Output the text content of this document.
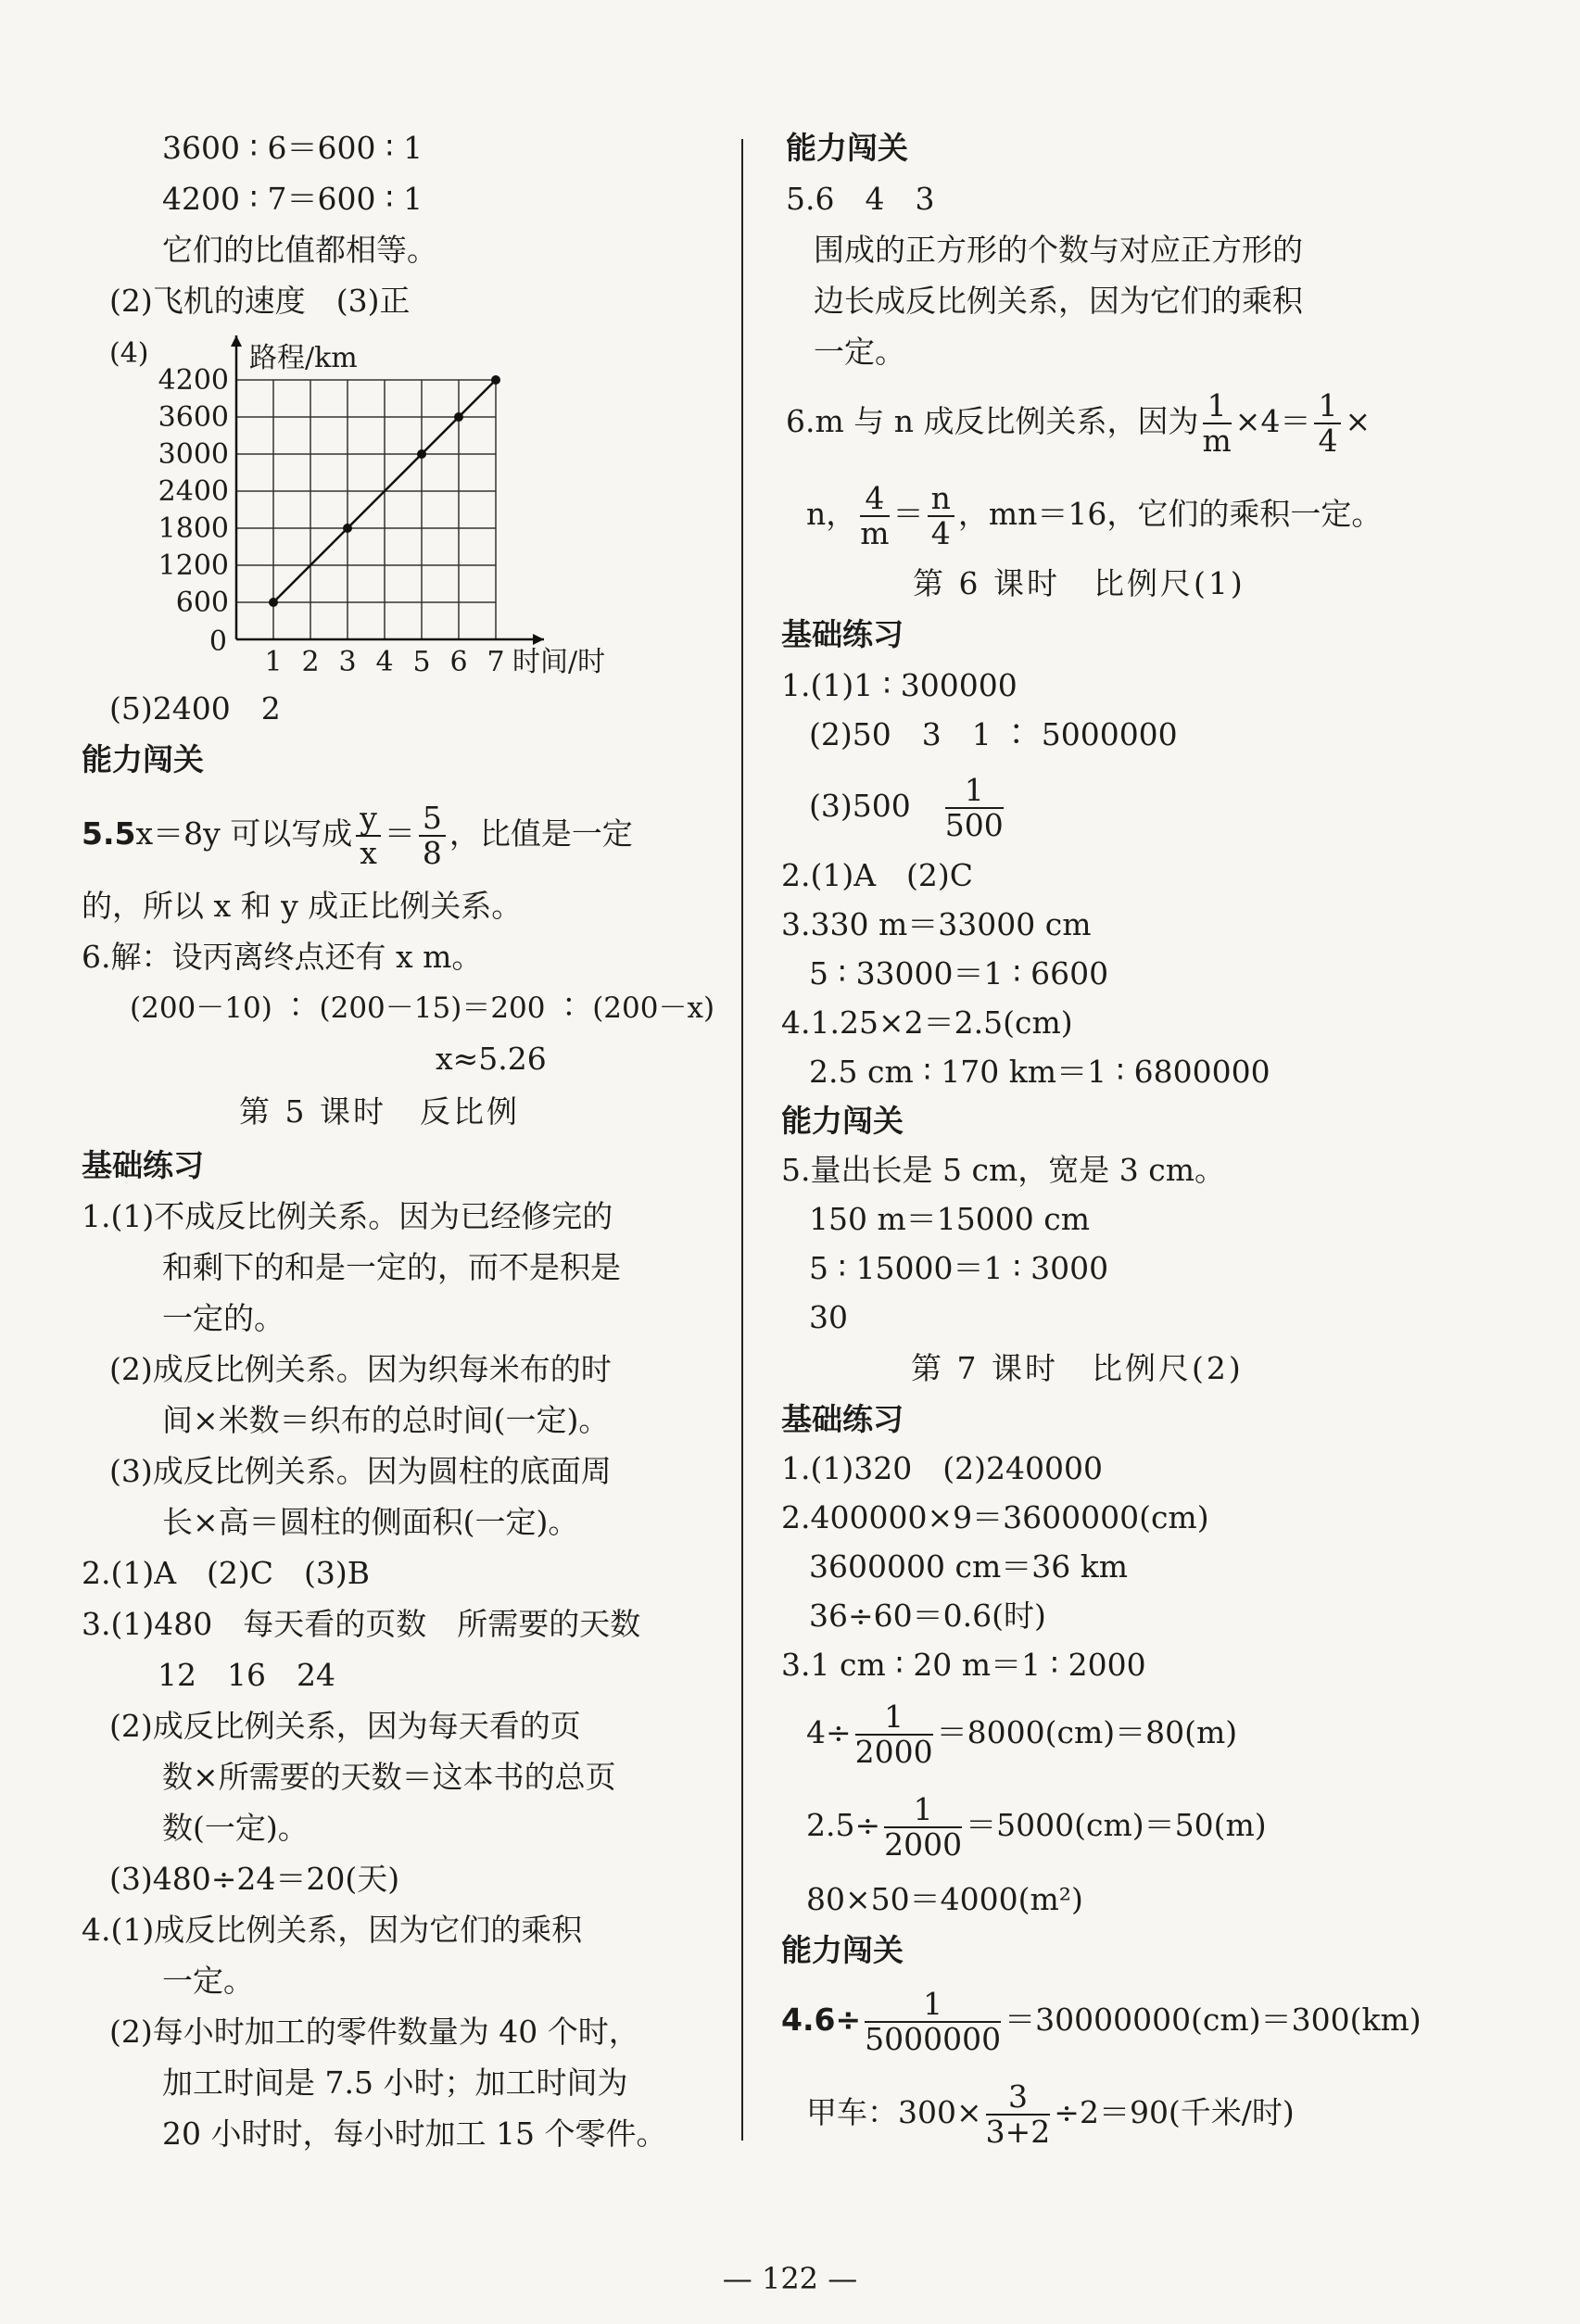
3600 ∶ 6＝600 ∶ 1
4200 ∶ 7＝600 ∶ 1
它们的比值都相等。
(2)飞机的速度　(3)正
(4)
1 2 3 4 5 6 7
4200
3600
3000
2400
1800
1200
600
0
路程/km
时间/时
(5)2400　2
能力闯关
5.5x＝8y 可以写成 $\frac{y}{x} = \frac{5}{8}$ ，比值是一定
的，所以 x 和 y 成正比例关系。
6.解：设丙离终点还有 x m。
(200－10) ∶ (200－15)＝200 ∶ (200－x)
x≈5.26
第 5 课时　反比例
基础练习
1.(1)不成反比例关系。因为已经修完的
和剩下的和是一定的，而不是积是
一定的。
(2)成反比例关系。因为织每米布的时
间×米数＝织布的总时间(一定)。
(3)成反比例关系。因为圆柱的底面周
长×高＝圆柱的侧面积(一定)。
2.(1)A　(2)C　(3)B
3.(1)480　每天看的页数　所需要的天数
12　16　24
(2)成反比例关系，因为每天看的页
数×所需要的天数＝这本书的总页
数(一定)。
(3)480÷24＝20(天)
4.(1)成反比例关系，因为它们的乘积
一定。
(2)每小时加工的零件数量为 40 个时，
加工时间是 7.5 小时；加工时间为
20 小时时，每小时加工 15 个零件。
能力闯关
5.6　4　3
围成的正方形的个数与对应正方形的
边长成反比例关系，因为它们的乘积
一定。
6.m 与 n 成反比例关系，因为 $\frac{1}{m} \times 4= \frac{1}{4}$ ×
n， $\frac{4}{m} = \frac{n}{4}$ ，mn＝16，它们的乘积一定。
第 6 课时　比例尺(1)
基础练习
1.(1)1 ∶ 300000
(2)50　3　1 ∶ 5000000
(3)500　 $\frac{1}{500}$
2.(1)A　(2)C
3.330 m＝33000 cm
5 ∶ 33000＝1 ∶ 6600
4.1.25×2＝2.5(cm)
2.5 cm ∶ 170 km＝1 ∶ 6800000
能力闯关
5.量出长是 5 cm，宽是 3 cm。
150 m＝15000 cm
5 ∶ 15000＝1 ∶ 3000
30
第 7 课时　比例尺(2)
基础练习
1.(1)320　(2)240000
2.400000×9＝3600000(cm)
3600000 cm＝36 km
36÷60＝0.6(时)
3.1 cm ∶ 20 m＝1 ∶ 2000
$4\div \frac{1}{2000} =8000(cm)=80(m)$
$2.5\div \frac{1}{2000} =5000(cm)=50(m)$
80×50＝4000(m²)
能力闯关
$4.6\div \frac{1}{5000000} =30000000(cm)=300(km)$
甲车：$300\times \frac{3}{3+2} \div 2=90$(千米/时)
— 122 —
